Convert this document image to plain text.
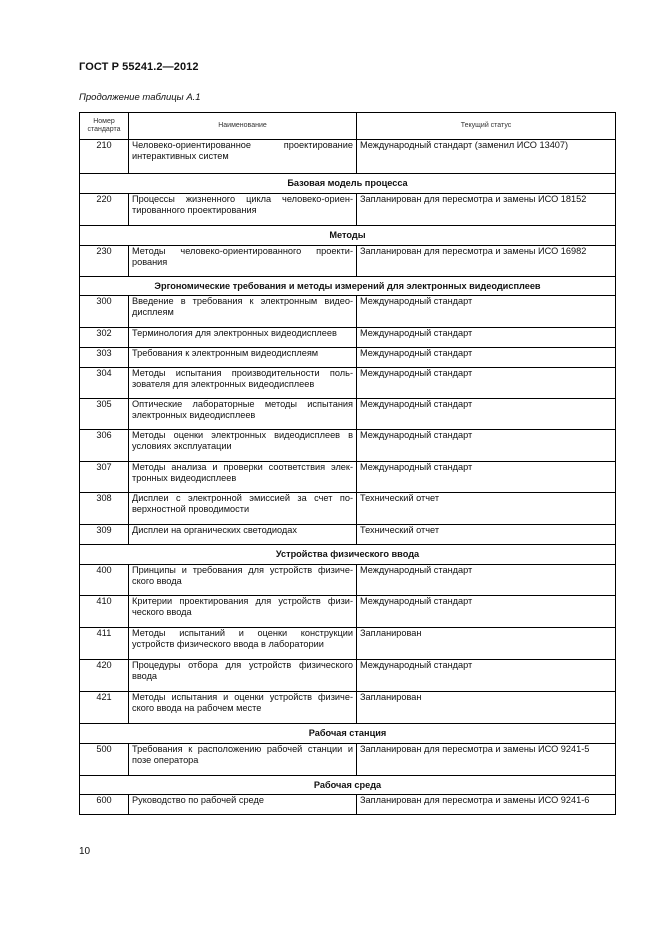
ГОСТ Р 55241.2—2012
Продолжение таблицы А.1
Номер стандарта	Наименование	Текущий статус
210	Человеко-ориентированное проектирование интерактивных систем	Международный стандарт (заменил ИСО 13407)
Базовая модель процесса		
220	Процессы жизненного цикла человеко-ориентированного проектирования	Запланирован для пересмотра и замены ИСО 18152
Методы		
230	Методы человеко-ориентированного проектирования	Запланирован для пересмотра и замены ИСО 16982
Эргономические требования и методы измерений для электронных видеодисплеев		
300	Введение в требования к электронным видеодисплеям	Международный стандарт
302	Терминология для электронных видеодисплеев	Международный стандарт
303	Требования к электронным видеодисплеям	Международный стандарт
304	Методы испытания производительности пользователя для электронных видеодисплеев	Международный стандарт
305	Оптические лабораторные методы испытания электронных видеодисплеев	Международный стандарт
306	Методы оценки электронных видеодисплеев в условиях эксплуатации	Международный стандарт
307	Методы анализа и проверки соответствия электронных видеодисплеев	Международный стандарт
308	Дисплеи с электронной эмиссией за счет поверхностной проводимости	Технический отчет
309	Дисплеи на органических светодиодах	Технический отчет
Устройства физического ввода		
400	Принципы и требования для устройств физического ввода	Международный стандарт
410	Критерии проектирования для устройств физического ввода	Международный стандарт
411	Методы испытаний и оценки конструкции устройств физического ввода в лаборатории	Запланирован
420	Процедуры отбора для устройств физического ввода	Международный стандарт
421	Методы испытания и оценки устройств физического ввода на рабочем месте	Запланирован
Рабочая станция		
500	Требования к расположению рабочей станции и позе оператора	Запланирован для пересмотра и замены ИСО 9241-5
Рабочая среда		
600	Руководство по рабочей среде	Запланирован для пересмотра и замены ИСО 9241-6
10
